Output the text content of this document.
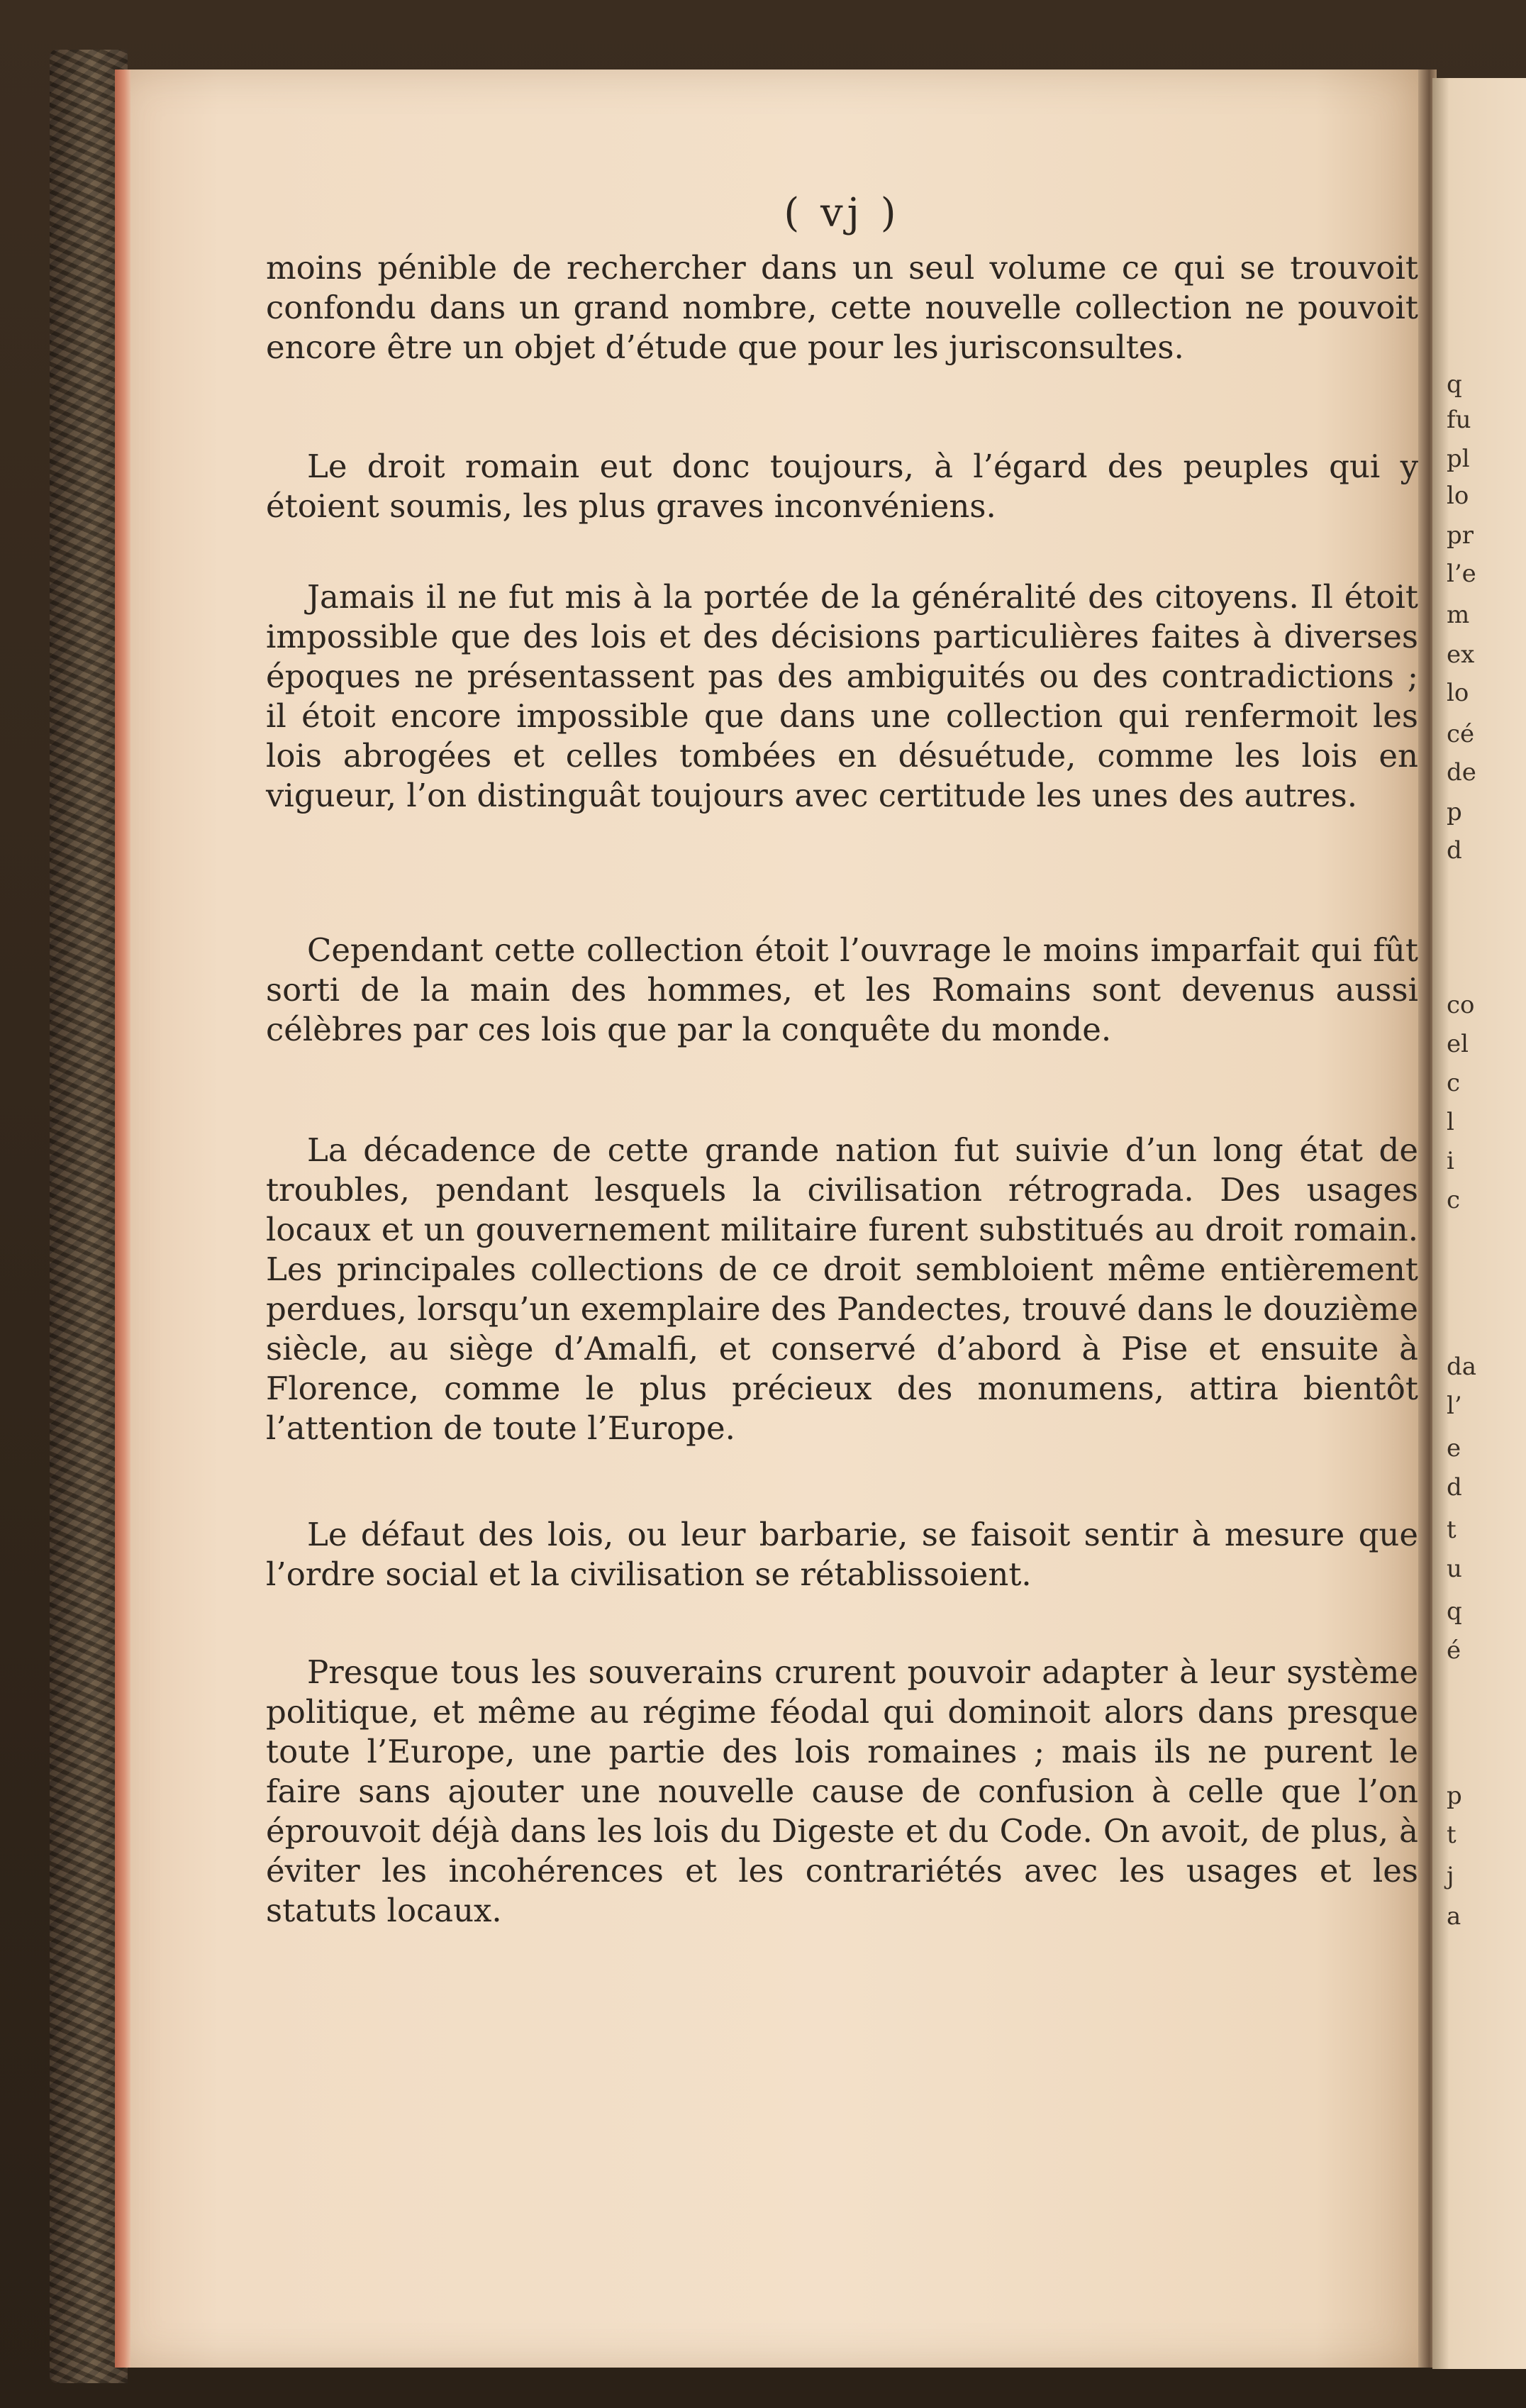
( vj )

moins pénible de rechercher dans un seul volume ce qui se trouvoit confondu dans un grand nombre, cette nouvelle collection ne pouvoit encore être un objet d’étude que pour les jurisconsultes.

Le droit romain eut donc toujours, à l’égard des peuples qui y étoient soumis, les plus graves inconvéniens.

Jamais il ne fut mis à la portée de la généralité des citoyens. Il étoit impossible que des lois et des décisions particulières faites à diverses époques ne présentassent pas des ambiguités ou des contradictions ; il étoit encore impossible que dans une collection qui renfermoit les lois abrogées et celles tombées en désuétude, comme les lois en vigueur, l’on distinguât toujours avec certitude les unes des autres.

Cependant cette collection étoit l’ouvrage le moins imparfait qui fût sorti de la main des hommes, et les Romains sont devenus aussi célèbres par ces lois que par la conquête du monde.

La décadence de cette grande nation fut suivie d’un long état de troubles, pendant lesquels la civilisation rétrograda. Des usages locaux et un gouvernement militaire furent substitués au droit romain. Les principales collections de ce droit sembloient même entièrement perdues, lorsqu’un exemplaire des Pandectes, trouvé dans le douzième siècle, au siège d’Amalfi, et conservé d’abord à Pise et ensuite à Florence, comme le plus précieux des monumens, attira bientôt l’attention de toute l’Europe.

Le défaut des lois, ou leur barbarie, se faisoit sentir à mesure que l’ordre social et la civilisation se rétablissoient.

Presque tous les souverains crurent pouvoir adapter à leur système politique, et même au régime féodal qui dominoit alors dans presque toute l’Europe, une partie des lois romaines ; mais ils ne purent le faire sans ajouter une nouvelle cause de confusion à celle que l’on éprouvoit déjà dans les lois du Digeste et du Code. On avoit, de plus, à éviter les incohérences et les contrariétés avec les usages et les statuts locaux.

q
fu
pl
lo
pr
l’e
m
ex
lo
cé
de
p
d
co
el
c
l
i
c
da
l’
e
d
t
u
q
é
p
t
j
a
